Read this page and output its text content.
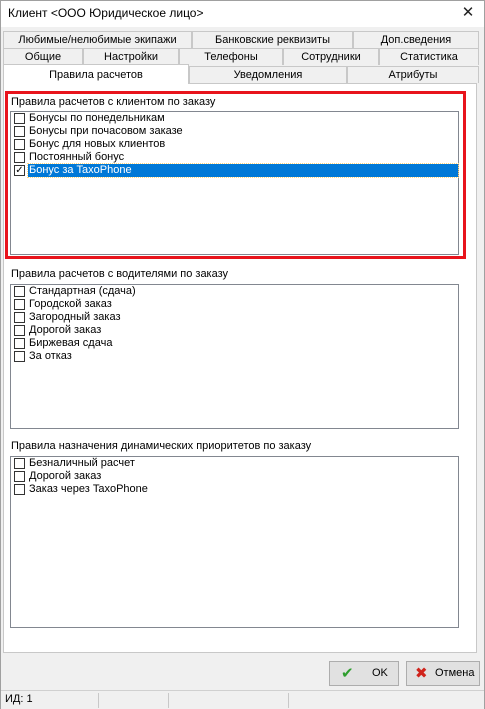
Клиент <ООО Юридическое лицо>	✕
Любимые/нелюбимые экипажи	Банковские реквизиты	Доп.сведения
Общие	Настройки	Телефоны	Сотрудники	Статистика
Правила расчетов	Уведомления	Атрибуты
Правила расчетов с клиентом по заказу
Бонусы по понедельникам
Бонусы при почасовом заказе
Бонус для новых клиентов
Постоянный бонус
✓ Бонус за TaxoPhone
Правила расчетов с водителями по заказу
Стандартная (сдача)
Городской заказ
Загородный заказ
Дорогой заказ
Биржевая сдача
За отказ
Правила назначения динамических приоритетов по заказу
Безналичный расчет
Дорогой заказ
Заказ через TaxoPhone
✔ OK ✖ Отмена
ИД: 1
